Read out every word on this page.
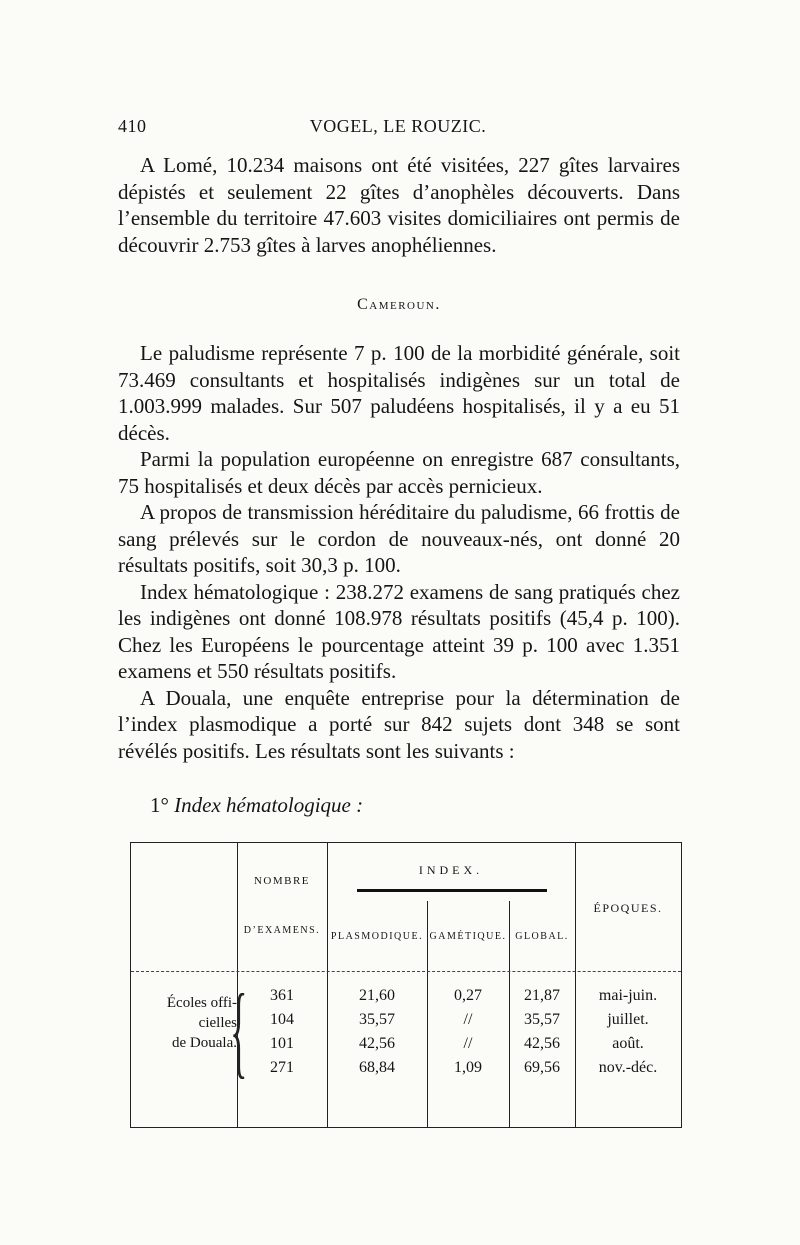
410	VOGEL, LE ROUZIC.

A Lomé, 10.234 maisons ont été visitées, 227 gîtes larvaires dépistés et seulement 22 gîtes d’anophèles découverts. Dans l’ensemble du territoire 47.603 visites domiciliaires ont permis de découvrir 2.753 gîtes à larves anophéliennes.

Cameroun.

Le paludisme représente 7 p. 100 de la morbidité générale, soit 73.469 consultants et hospitalisés indigènes sur un total de 1.003.999 malades. Sur 507 paludéens hospitalisés, il y a eu 51 décès.

Parmi la population européenne on enregistre 687 consultants, 75 hospitalisés et deux décès par accès pernicieux.

A propos de transmission héréditaire du paludisme, 66 frottis de sang prélevés sur le cordon de nouveaux-nés, ont donné 20 résultats positifs, soit 30,3 p. 100.

Index hématologique : 238.272 examens de sang pratiqués chez les indigènes ont donné 108.978 résultats positifs (45,4 p. 100). Chez les Européens le pourcentage atteint 39 p. 100 avec 1.351 examens et 550 résultats positifs.

A Douala, une enquête entreprise pour la détermination de l’index plasmodique a porté sur 842 sujets dont 348 se sont révélés positifs. Les résultats sont les suivants :

1° Index hématologique :
NOMBRE
D’EXAMENS.
INDEX.
PLASMODIQUE. GAMÉTIQUE. GLOBAL.
ÉPOQUES.
Écoles offi-
cielles
de Douala.
{	361	21,60	0,27	21,87	mai-juin.
104	35,57	//	35,57	juillet.
101	42,56	//	42,56	août.
271	68,84	1,09	69,56	nov.-déc.
